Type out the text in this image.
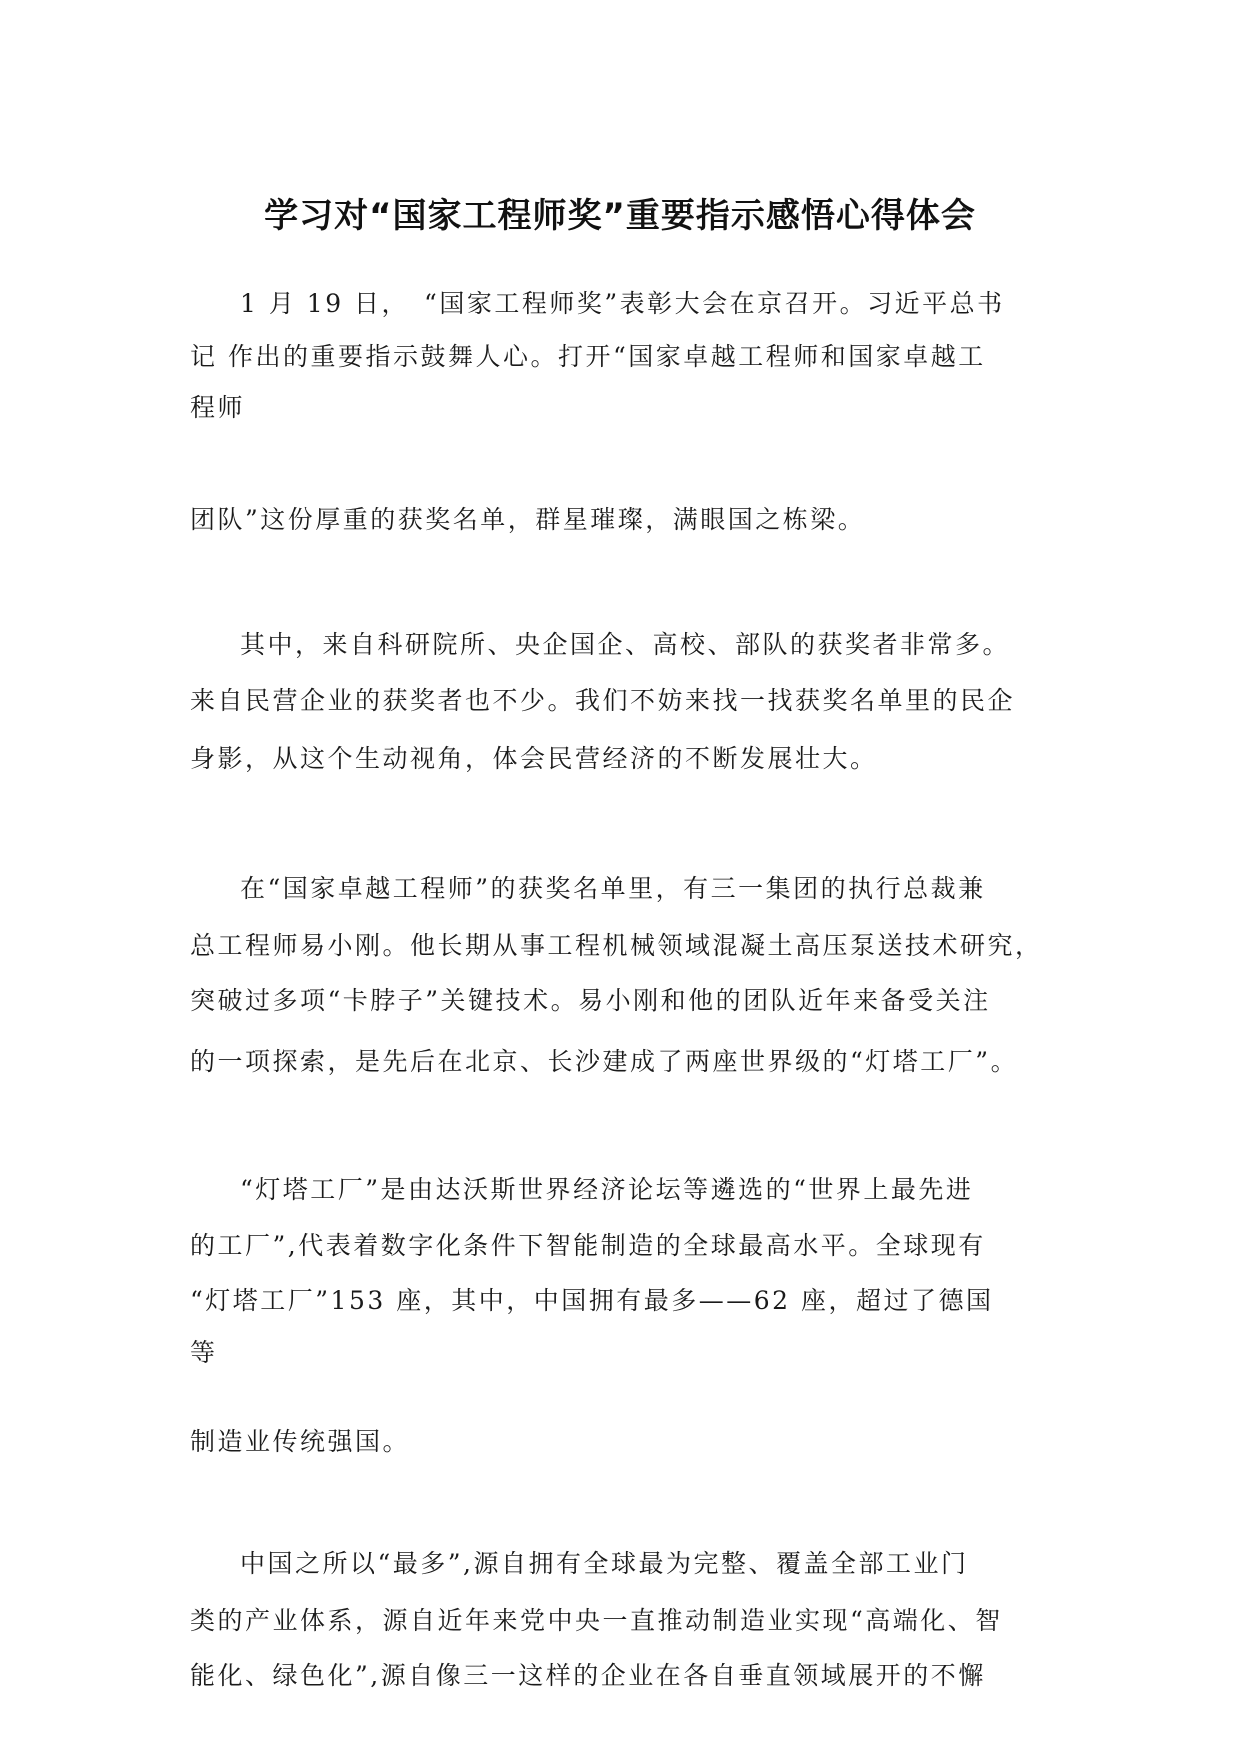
学习对“国家工程师奖”重要指示感悟心得体会
1 月 19 日，　“国家工程师奖”表彰大会在京召开。习近平总书
记 作出的重要指示鼓舞人心。打开“国家卓越工程师和国家卓越工
程师
团队”这份厚重的获奖名单，群星璀璨，满眼国之栋梁。
其中，来自科研院所、央企国企、高校、部队的获奖者非常多。
来自民营企业的获奖者也不少。我们不妨来找一找获奖名单里的民企
身影，从这个生动视角，体会民营经济的不断发展壮大。
在“国家卓越工程师”的获奖名单里，有三一集团的执行总裁兼
总工程师易小刚。他长期从事工程机械领域混凝土高压泵送技术研究，
突破过多项“卡脖子”关键技术。易小刚和他的团队近年来备受关注
的一项探索，是先后在北京、长沙建成了两座世界级的“灯塔工厂”。
“灯塔工厂”是由达沃斯世界经济论坛等遴选的“世界上最先进
的工厂”,代表着数字化条件下智能制造的全球最高水平。全球现有
“灯塔工厂”153 座，其中，中国拥有最多——62 座，超过了德国
等
制造业传统强国。
中国之所以“最多”,源自拥有全球最为完整、覆盖全部工业门
类的产业体系，源自近年来党中央一直推动制造业实现“高端化、智
能化、绿色化”,源自像三一这样的企业在各自垂直领域展开的不懈
